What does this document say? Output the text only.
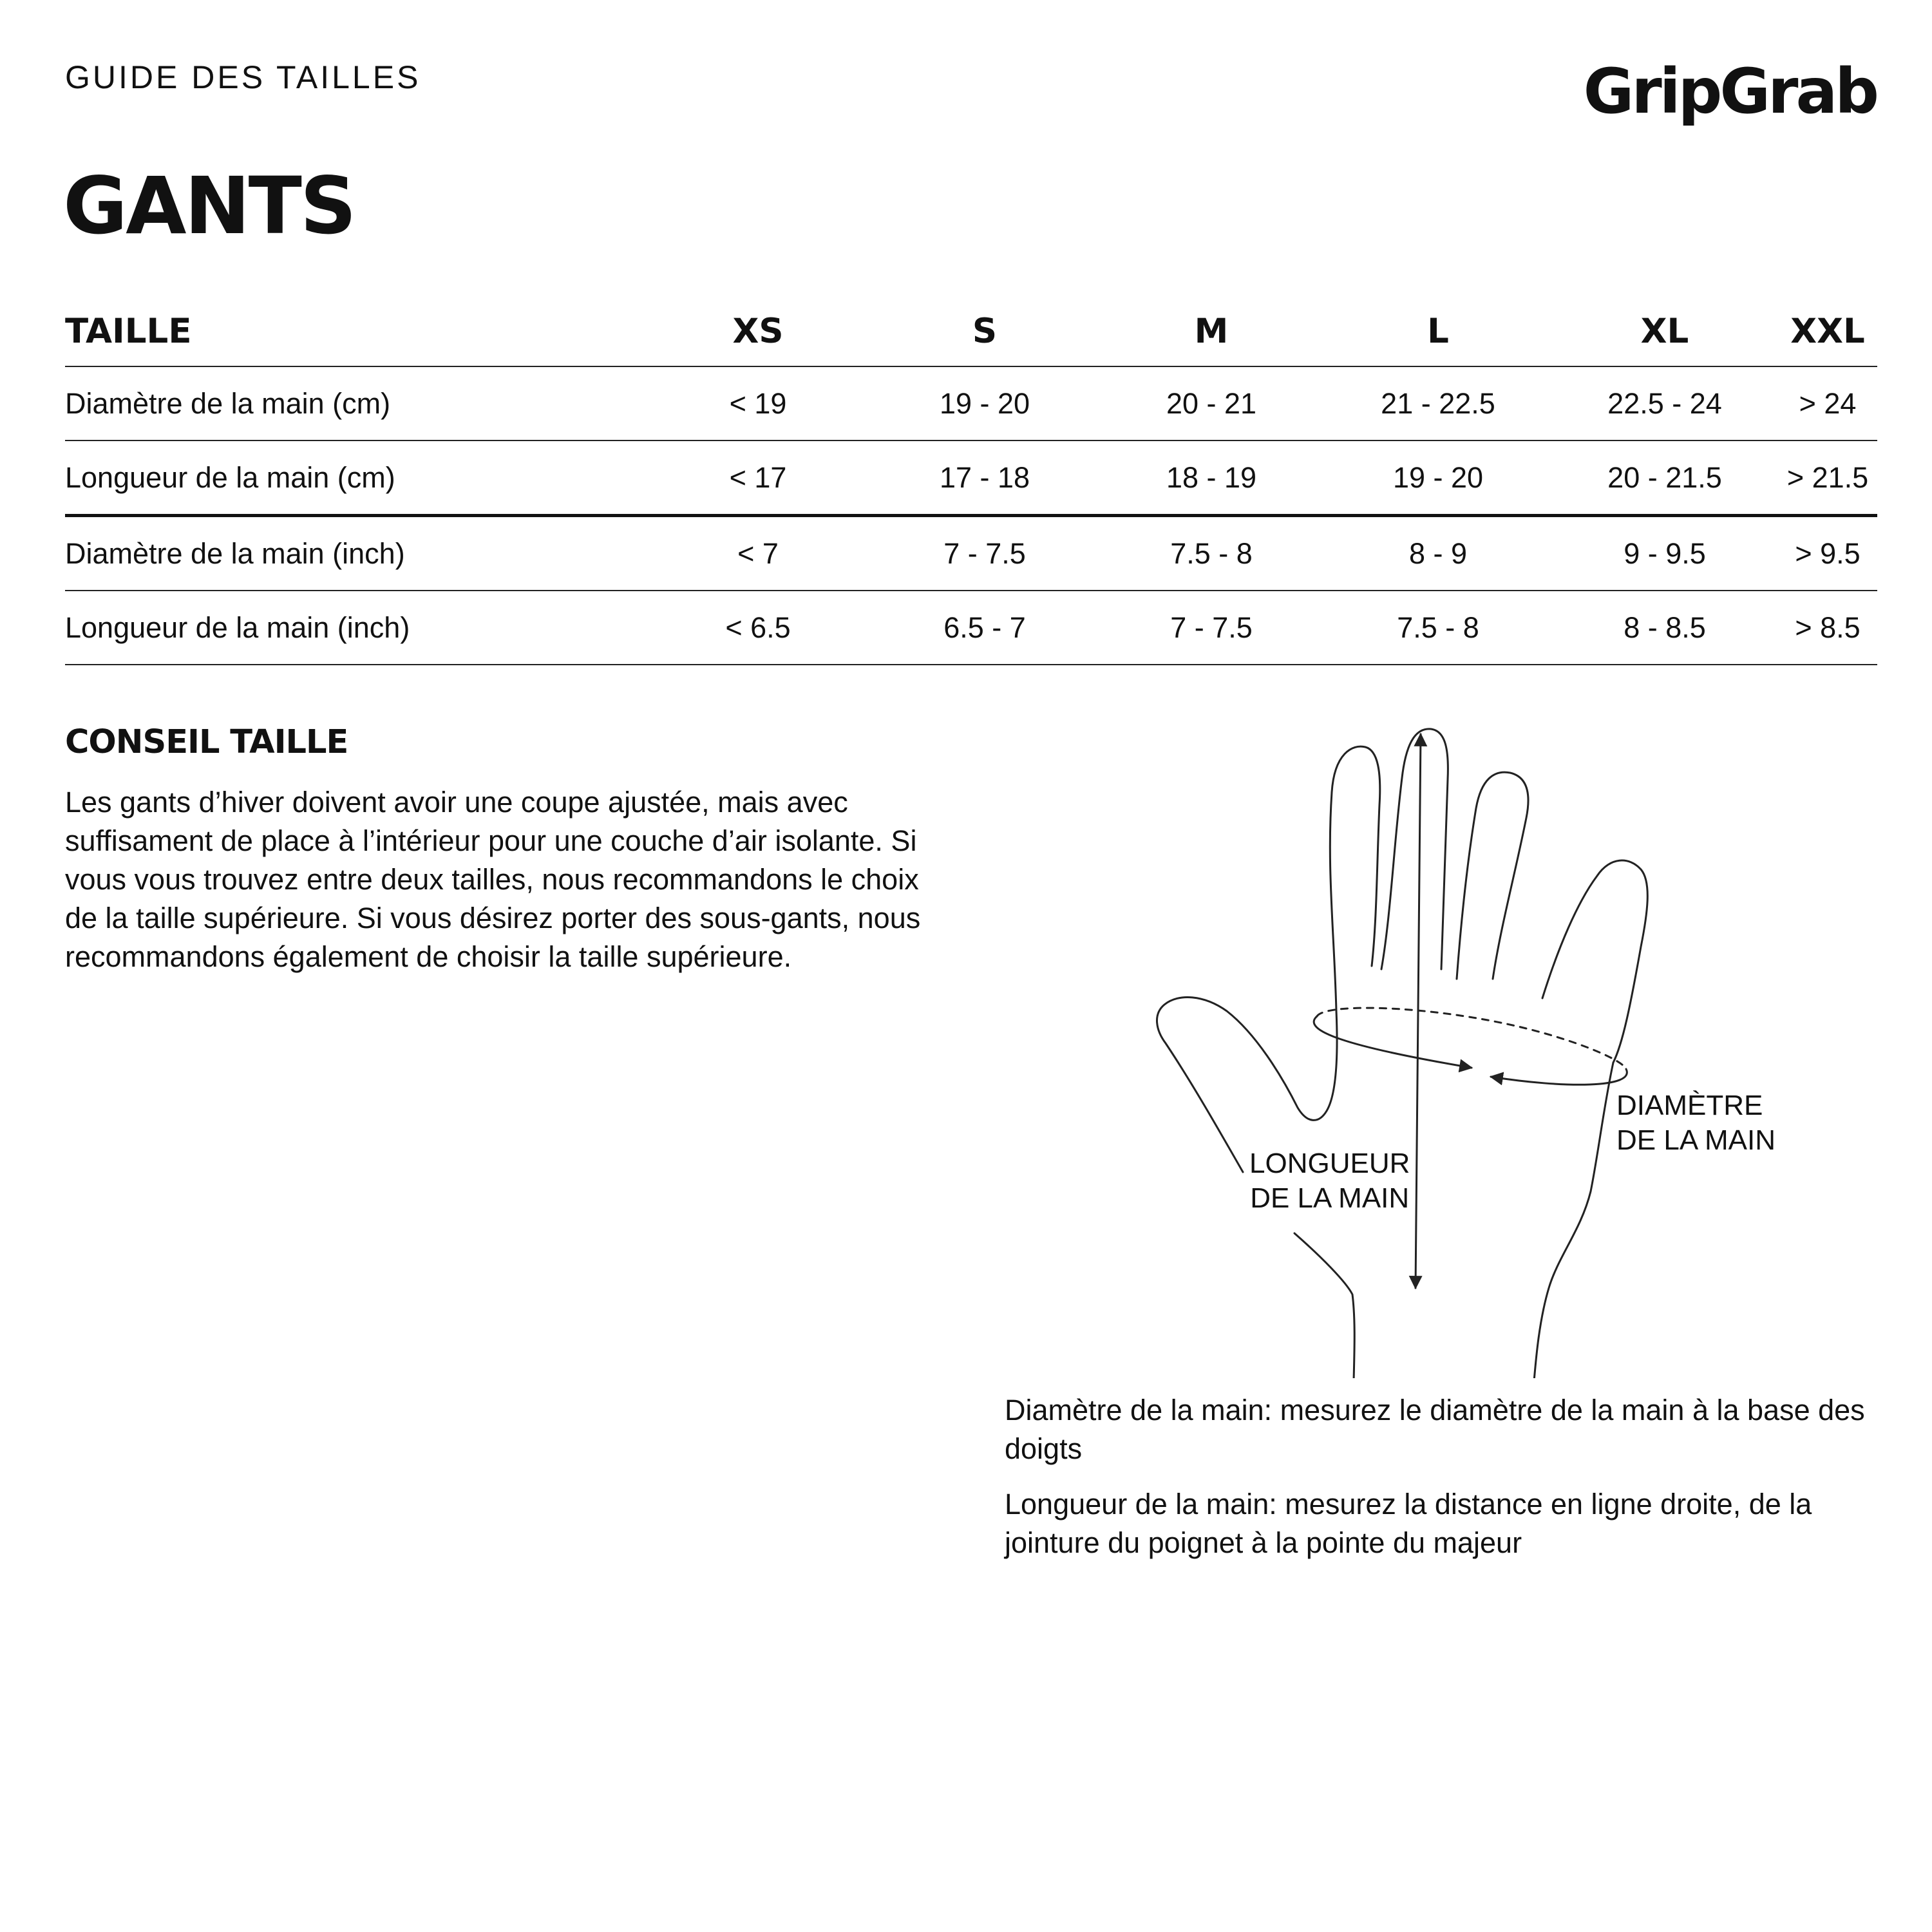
GUIDE DES TAILLES	GripGrab
GANTS
TAILLE	XS	S	M	L	XL	XXL
Diamètre de la main (cm)	< 19	19 - 20	20 - 21	21 - 22.5	22.5 - 24	> 24
Longueur de la main (cm)	< 17	17 - 18	18 - 19	19 - 20	20 - 21.5	> 21.5
Diamètre de la main (inch)	< 7	7 - 7.5	7.5 - 8	8 - 9	9 - 9.5	> 9.5
Longueur de la main (inch)	< 6.5	6.5 - 7	7 - 7.5	7.5 - 8	8 - 8.5	> 8.5
CONSEIL TAILLE
Les gants d’hiver doivent avoir une coupe ajustée, mais avec suffisament de place à l’intérieur pour une couche d’air isolante. Si vous vous trouvez entre deux tailles, nous recommandons le choix de la taille supérieure. Si vous désirez porter des sous-gants, nous recommandons également de choisir la taille supérieure.
LONGUEUR
DE LA MAIN
DIAMÈTRE
DE LA MAIN
Diamètre de la main: mesurez le diamètre de la main à la base des doigts
Longueur de la main: mesurez la distance en ligne droite, de la jointure du poignet à la pointe du majeur
